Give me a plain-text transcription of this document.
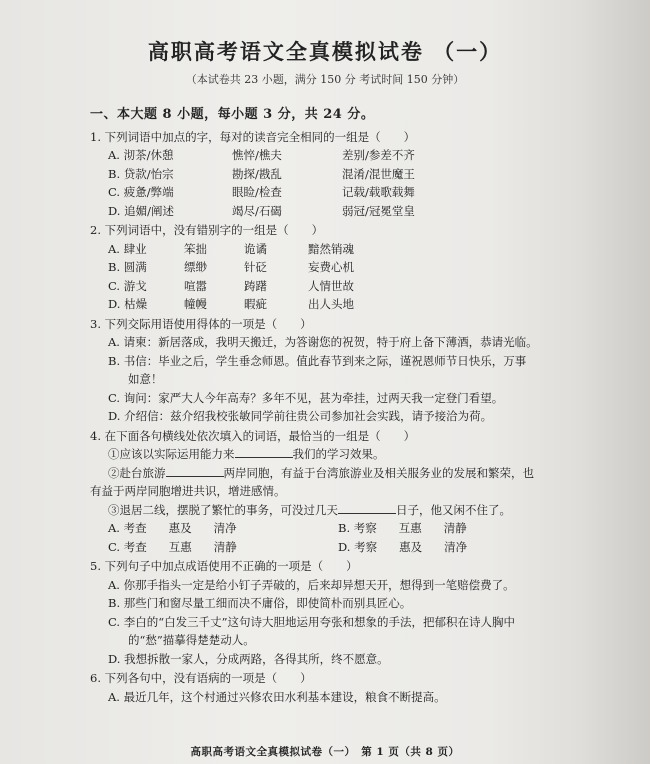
高职高考语文全真模拟试卷 （一）
（本试卷共 23 小题，满分 150 分 考试时间 150 分钟）
一、本大题 8 小题，每小题 3 分，共 24 分。
1. 下列词语中加点的字，每对的读音完全相同的一组是（　　）
A. 沏茶/休憩	憔悴/樵夫	差别/参差不齐
B. 贷款/怡宗	勘探/戡乱	混淆/混世魔王
C. 疲惫/弊端	眼睑/检查	记载/载歌载舞
D. 追媚/阐述	竭尽/石碣	弱冠/冠冕堂皇
2. 下列词语中，没有错别字的一组是（　　）
A. 肆业	笨拙	诡谲	黯然销魂
B. 圆满	缥缈	针砭	妄费心机
C. 游戈	喧嚣	踌躇	人情世故
D. 枯燥	幢幔	暇疵	出人头地
3. 下列交际用语使用得体的一项是（　　）
A. 请柬：新居落成，我明天搬迁，为答谢您的祝贺，特于府上备下薄酒，恭请光临。
B. 书信：毕业之后，学生垂念师恩。值此春节到来之际，谨祝恩师节日快乐，万事
如意！
C. 询问：家严大人今年高寿？多年不见，甚为牵挂，过两天我一定登门看望。
D. 介绍信：兹介绍我校张敏同学前往贵公司参加社会实践，请予接洽为荷。
4. 在下面各句横线处依次填入的词语，最恰当的一组是（　　）
①应该以实际运用能力来	我们的学习效果。
②赴台旅游	两岸同胞，有益于台湾旅游业及相关服务业的发展和繁荣，也
有益于两岸同胞增进共识，增进感情。
③退居二线，摆脱了繁忙的事务，可没过几天	日子，他又闲不住了。
A. 考查 惠及 清净	B. 考察 互惠 清静
C. 考查 互惠 清静	D. 考察 惠及 清净
5. 下列句子中加点成语使用不正确的一项是（　　）
A. 你那手指头一定是给小钉子弄破的，后来却异想天开，想得到一笔赔偿费了。
B. 那些门和窗尽量工细而决不庸俗，即使简朴而别具匠心。
C. 李白的“白发三千丈”这句诗大胆地运用夸张和想象的手法，把郁积在诗人胸中
的“愁”描摹得楚楚动人。
D. 我想拆散一家人，分成两路，各得其所，终不愿意。
6. 下列各句中，没有语病的一项是（　　）
A. 最近几年，这个村通过兴修农田水利基本建设，粮食不断提高。
高职高考语文全真模拟试卷（一）　第 1 页（共 8 页）
